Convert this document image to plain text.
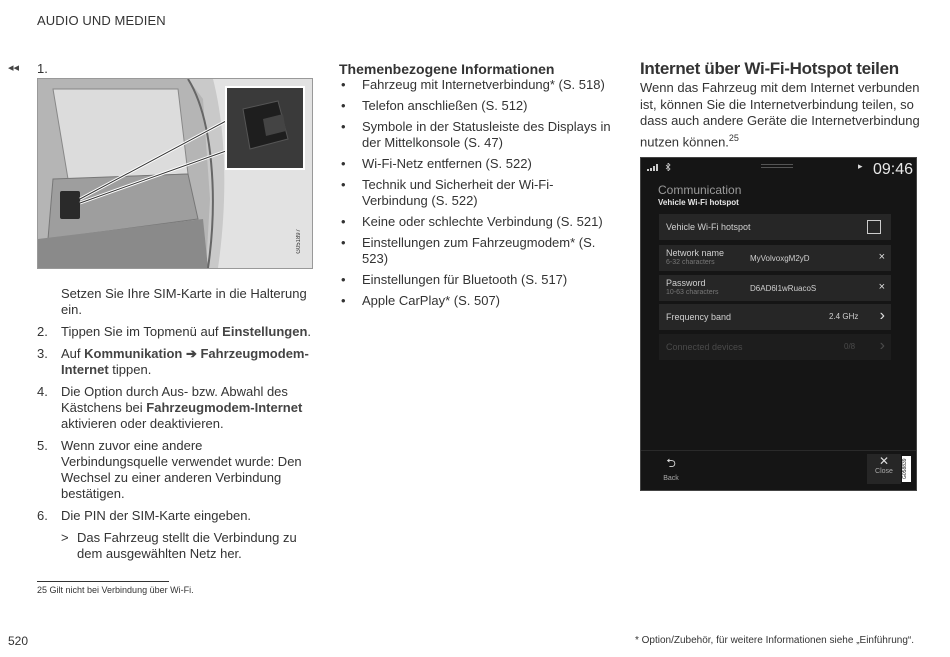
AUDIO UND MEDIEN
◂◂ 1.
G051897
Setzen Sie Ihre SIM-Karte in die Halterung ein.
2. Tippen Sie im Topmenü auf Einstellungen.
3. Auf Kommunikation ➔ Fahrzeugmodem-Internet tippen.
4. Die Option durch Aus- bzw. Abwahl des Kästchens bei Fahrzeugmodem-Internet aktivieren oder deaktivieren.
5. Wenn zuvor eine andere Verbindungsquelle verwendet wurde: Den Wechsel zu einer anderen Verbindung bestätigen.
6. Die PIN der SIM-Karte eingeben.
> Das Fahrzeug stellt die Verbindung zu dem ausgewählten Netz her.
25 Gilt nicht bei Verbindung über Wi-Fi.
520	* Option/Zubehör, für weitere Informationen siehe „Einführung“.
Themenbezogene Informationen
• Fahrzeug mit Internetverbindung* (S. 518)
• Telefon anschließen (S. 512)
• Symbole in der Statusleiste des Displays in der Mittelkonsole (S. 47)
• Wi-Fi-Netz entfernen (S. 522)
• Technik und Sicherheit der Wi-Fi-Verbindung (S. 522)
• Keine oder schlechte Verbindung (S. 521)
• Einstellungen zum Fahrzeugmodem* (S. 523)
• Einstellungen für Bluetooth (S. 517)
• Apple CarPlay* (S. 507)
Internet über Wi-Fi-Hotspot teilen
Wenn das Fahrzeug mit dem Internet verbunden ist, können Sie die Internetverbindung teilen, so dass auch andere Geräte die Internetverbindung nutzen können.$^{25}$
▸ 09:46
Communication
Vehicle Wi-Fi hotspot
Vehicle Wi-Fi hotspot
Network name
6-32 characters	MyVolvoxgM2yD	×
Password
10-63 characters	D6AD6l1wRuacoS	×
Frequency band	2.4 GHz ›
Connected devices	0/8 ›
⮌
Back
✕
Close	G058839
